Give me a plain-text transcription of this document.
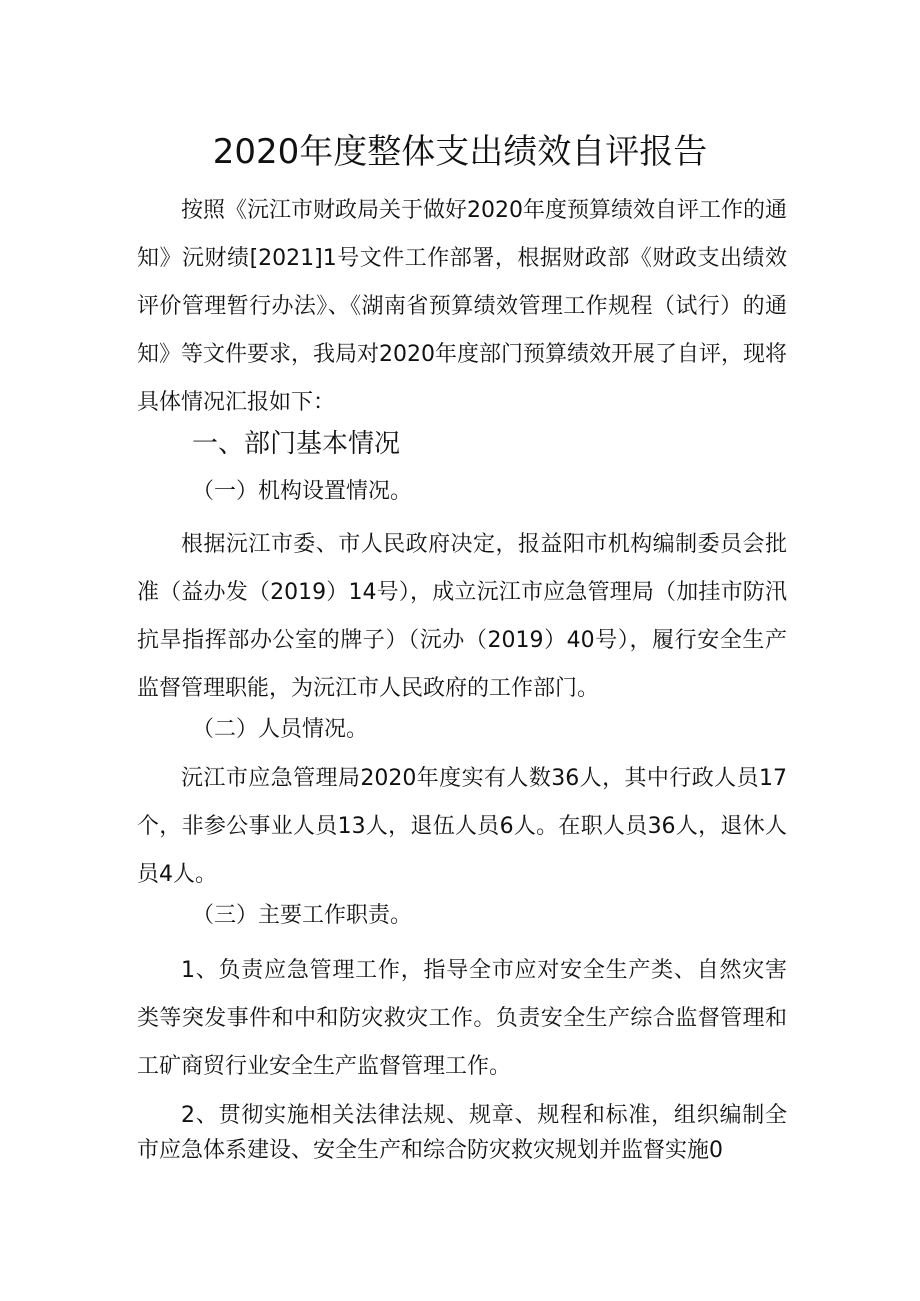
2020年度整体支出绩效自评报告

按照《沅江市财政局关于做好2020年度预算绩效自评工作的通知》沅财绩[2021]1号文件工作部署，根据财政部《财政支出绩效评价管理暂行办法》、《湖南省预算绩效管理工作规程（试行）的通知》等文件要求，我局对2020年度部门预算绩效开展了自评，现将具体情况汇报如下：

一、部门基本情况

（一）机构设置情况。

根据沅江市委、市人民政府决定，报益阳市机构编制委员会批准（益办发（2019）14号），成立沅江市应急管理局（加挂市防汛抗旱指挥部办公室的牌子）（沅办（2019）40号），履行安全生产监督管理职能，为沅江市人民政府的工作部门。

（二）人员情况。

沅江市应急管理局2020年度实有人数36人，其中行政人员17个，非参公事业人员13人，退伍人员6人。在职人员36人，退休人员4人。

（三）主要工作职责。

1、负责应急管理工作，指导全市应对安全生产类、自然灾害类等突发事件和中和防灾救灾工作。负责安全生产综合监督管理和工矿商贸行业安全生产监督管理工作。

2、贯彻实施相关法律法规、规章、规程和标准，组织编制全市应急体系建设、安全生产和综合防灾救灾规划并监督实施0
